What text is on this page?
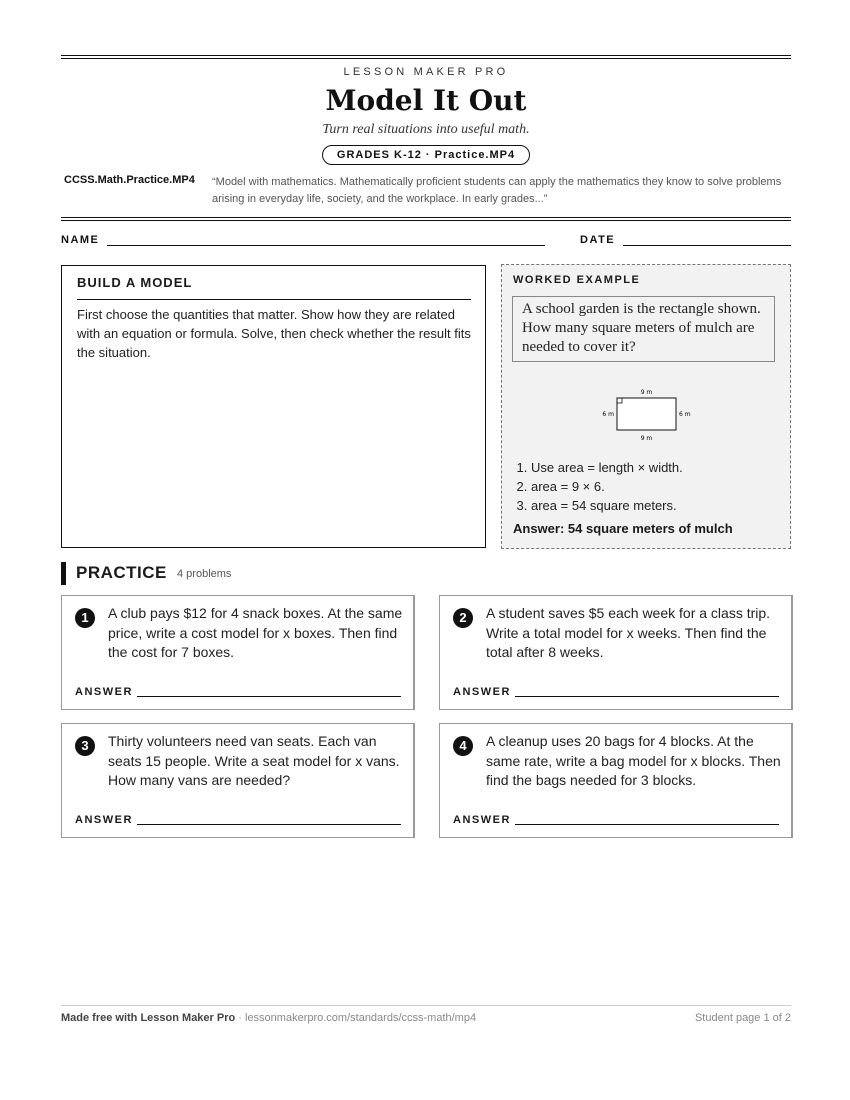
LESSON MAKER PRO
Model It Out
Turn real situations into useful math.
GRADES K-12 · Practice.MP4
CCSS.Math.Practice.MP4	“Model with mathematics. Mathematically proficient students can apply the mathematics they know to solve problems arising in everyday life, society, and the workplace. In early grades...”
NAME	DATE
BUILD A MODEL

First choose the quantities that matter. Show how they are related with an equation or formula. Solve, then check whether the result fits the situation.

WORKED EXAMPLE
A school garden is the rectangle shown. How many square meters of mulch are needed to cover it?
9 m
9 m
6 m	6 m
1. Use area = length × width.
2. area = 9 × 6.
3. area = 54 square meters.
Answer: 54 square meters of mulch
PRACTICE 4 problems
1	A club pays $12 for 4 snack boxes. At the same price, write a cost model for x boxes. Then find the cost for 7 boxes.
ANSWER
2	A student saves $5 each week for a class trip. Write a total model for x weeks. Then find the total after 8 weeks.
ANSWER
3	Thirty volunteers need van seats. Each van seats 15 people. Write a seat model for x vans. How many vans are needed?
ANSWER
4	A cleanup uses 20 bags for 4 blocks. At the same rate, write a bag model for x blocks. Then find the bags needed for 3 blocks.
ANSWER
Made free with Lesson Maker Pro · lessonmakerpro.com/standards/ccss-math/mp4	Student page 1 of 2
